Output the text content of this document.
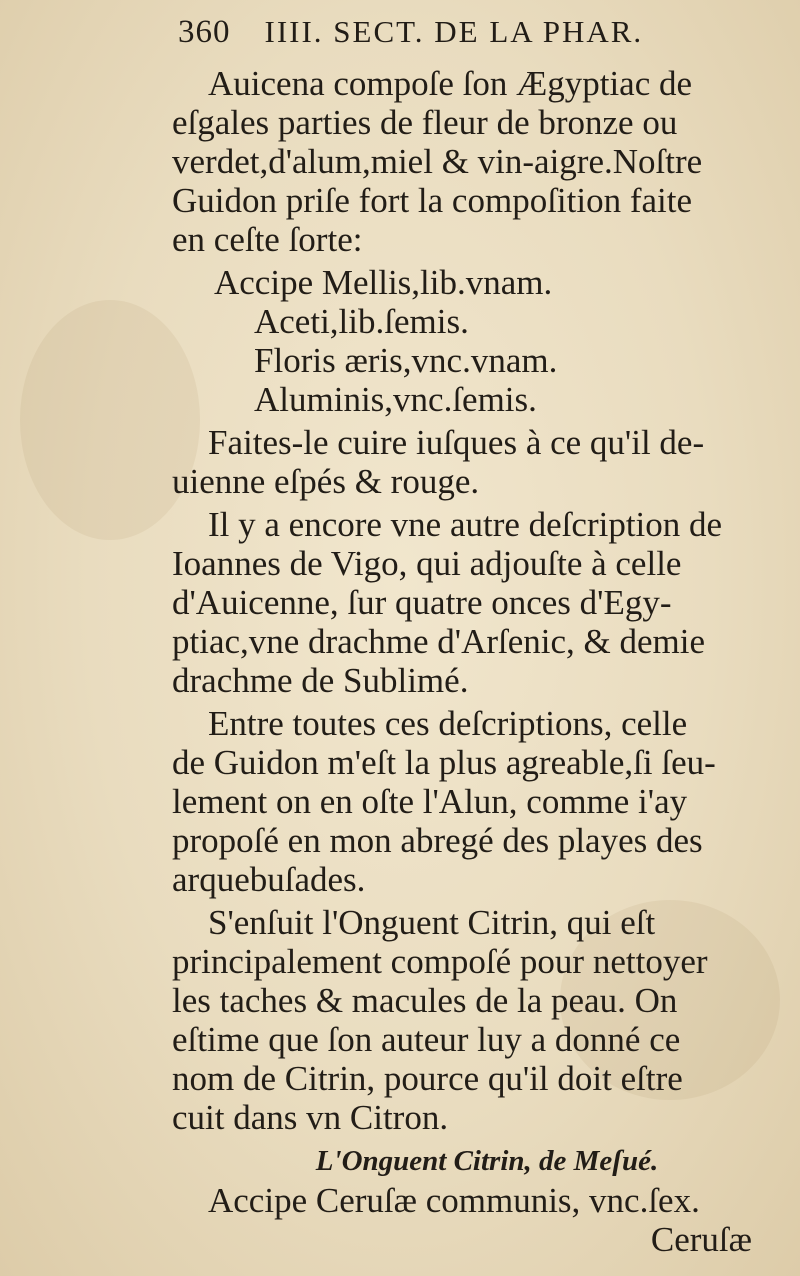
360 IIII. SECT. DE LA PHAR.
Auicena compoſe ſon Ægyptiac de
eſgales parties de fleur de bronze ou
verdet,d'alum,miel & vin-aigre.Noſtre
Guidon priſe fort la compoſition faite
en ceſte ſorte:
Accipe Mellis,lib.vnam.
Aceti,lib.ſemis.
Floris æris,vnc.vnam.
Aluminis,vnc.ſemis.
Faites-le cuire iuſques à ce qu'il de-
uienne eſpés & rouge.
Il y a encore vne autre deſcription de
Ioannes de Vigo, qui adjouſte à celle
d'Auicenne, ſur quatre onces d'Egy-
ptiac,vne drachme d'Arſenic, & demie
drachme de Sublimé.
Entre toutes ces deſcriptions, celle
de Guidon m'eſt la plus agreable,ſi ſeu-
lement on en oſte l'Alun, comme i'ay
propoſé en mon abregé des playes des
arquebuſades.
S'enſuit l'Onguent Citrin, qui eſt
principalement compoſé pour nettoyer
les taches & macules de la peau. On
eſtime que ſon auteur luy a donné ce
nom de Citrin, pource qu'il doit eſtre
cuit dans vn Citron.
L'Onguent Citrin, de Meſué.
Accipe Ceruſæ communis, vnc.ſex.
Ceruſæ
